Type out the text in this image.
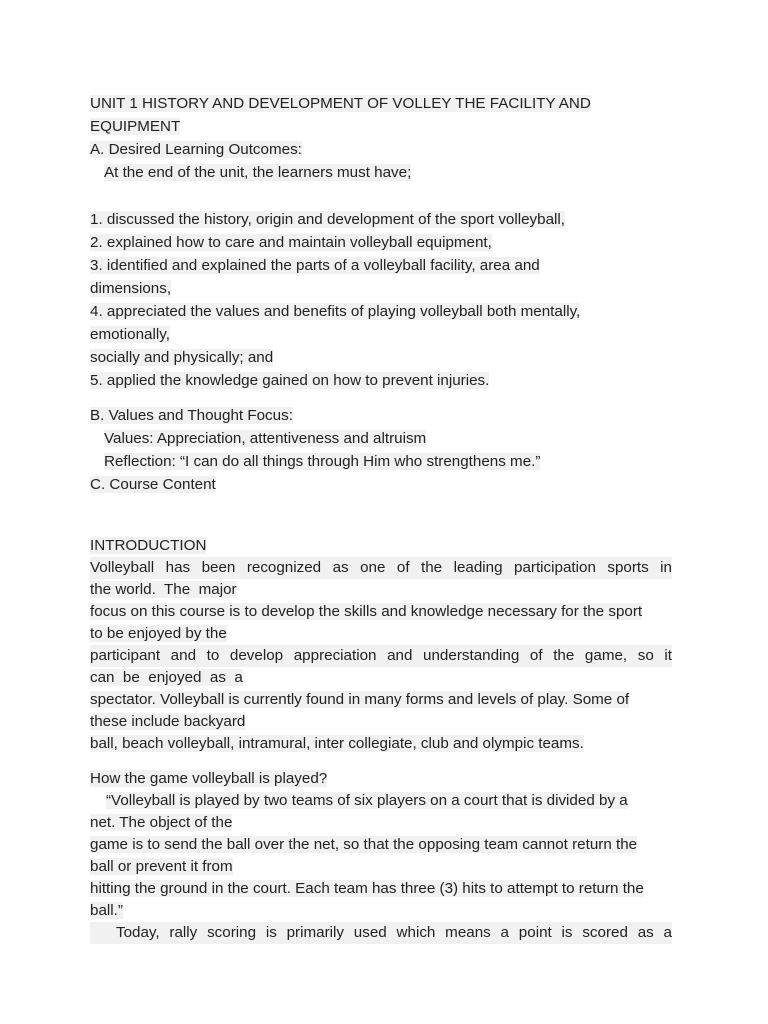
UNIT 1 HISTORY AND DEVELOPMENT OF VOLLEY THE FACILITY AND
EQUIPMENT
A. Desired Learning Outcomes:
At the end of the unit, the learners must have;
1. discussed the history, origin and development of the sport volleyball,
2. explained how to care and maintain volleyball equipment,
3. identified and explained the parts of a volleyball facility, area and
dimensions,
4. appreciated the values and benefits of playing volleyball both mentally,
emotionally,
socially and physically; and
5. applied the knowledge gained on how to prevent injuries.
B. Values and Thought Focus:
Values: Appreciation, attentiveness and altruism
Reflection: “I can do all things through Him who strengthens me.”
C. Course Content
INTRODUCTION
Volleyball has been recognized as one of the leading participation sports in
the world.  The  major
focus on this course is to develop the skills and knowledge necessary for the sport
to be enjoyed by the
participant and to develop appreciation and understanding of the game, so it
can  be  enjoyed  as  a
spectator. Volleyball is currently found in many forms and levels of play. Some of
these include backyard
ball, beach volleyball, intramural, inter collegiate, club and olympic teams.
How the game volleyball is played?
“Volleyball is played by two teams of six players on a court that is divided by a
net. The object of the
game is to send the ball over the net, so that the opposing team cannot return the
ball or prevent it from
hitting the ground in the court. Each team has three (3) hits to attempt to return the
ball.”
Today, rally scoring is primarily used which means a point is scored as a
